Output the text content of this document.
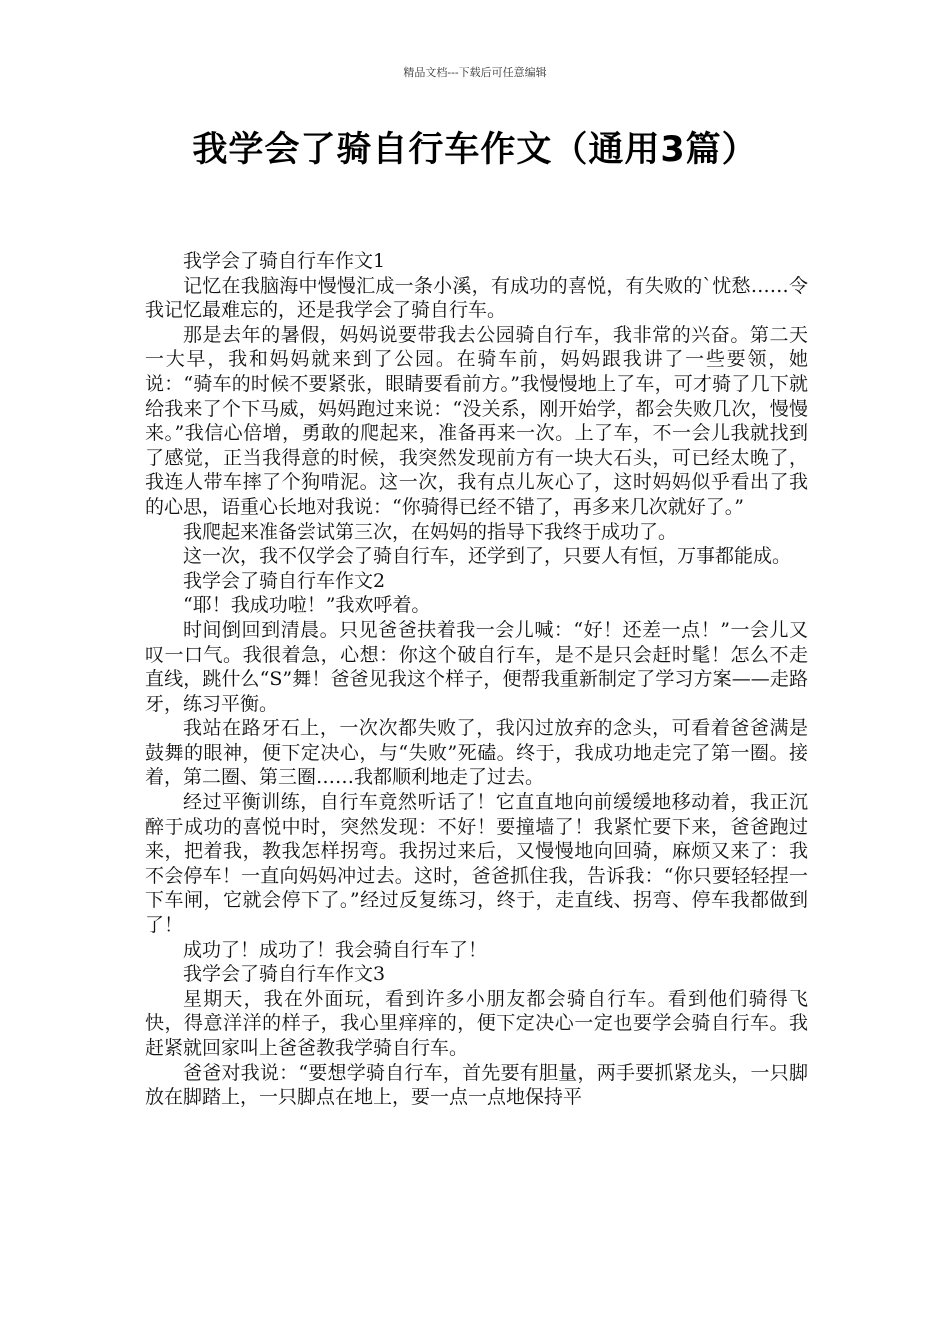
精品文档---下载后可任意编辑
我学会了骑自行车作文（通用3篇）

我学会了骑自行车作文1

记忆在我脑海中慢慢汇成一条小溪，有成功的喜悦，有失败的`忧愁……令我记忆最难忘的，还是我学会了骑自行车。

那是去年的暑假，妈妈说要带我去公园骑自行车，我非常的兴奋。第二天一大早，我和妈妈就来到了公园。在骑车前，妈妈跟我讲了一些要领，她说：“骑车的时候不要紧张，眼睛要看前方。”我慢慢地上了车，可才骑了几下就给我来了个下马威，妈妈跑过来说：“没关系，刚开始学，都会失败几次，慢慢来。”我信心倍增，勇敢的爬起来，准备再来一次。上了车，不一会儿我就找到了感觉，正当我得意的时候，我突然发现前方有一块大石头，可已经太晚了，我连人带车摔了个狗啃泥。这一次，我有点儿灰心了，这时妈妈似乎看出了我的心思，语重心长地对我说：“你骑得已经不错了，再多来几次就好了。”

我爬起来准备尝试第三次，在妈妈的指导下我终于成功了。

这一次，我不仅学会了骑自行车，还学到了，只要人有恒，万事都能成。

我学会了骑自行车作文2

“耶！我成功啦！”我欢呼着。

时间倒回到清晨。只见爸爸扶着我一会儿喊：“好！还差一点！”一会儿又叹一口气。我很着急，心想：你这个破自行车，是不是只会赶时髦！怎么不走直线，跳什么“S”舞！爸爸见我这个样子，便帮我重新制定了学习方案——走路牙，练习平衡。

我站在路牙石上，一次次都失败了，我闪过放弃的念头，可看着爸爸满是鼓舞的眼神，便下定决心，与“失败”死磕。终于，我成功地走完了第一圈。接着，第二圈、第三圈……我都顺利地走了过去。

经过平衡训练，自行车竟然听话了！它直直地向前缓缓地移动着，我正沉醉于成功的喜悦中时，突然发现：不好！要撞墙了！我紧忙要下来，爸爸跑过来，把着我，教我怎样拐弯。我拐过来后，又慢慢地向回骑，麻烦又来了：我不会停车！一直向妈妈冲过去。这时，爸爸抓住我，告诉我：“你只要轻轻捏一下车闸，它就会停下了。”经过反复练习，终于，走直线、拐弯、停车我都做到了！

成功了！成功了！我会骑自行车了！

我学会了骑自行车作文3

星期天，我在外面玩，看到许多小朋友都会骑自行车。看到他们骑得飞快，得意洋洋的样子，我心里痒痒的，便下定决心一定也要学会骑自行车。我赶紧就回家叫上爸爸教我学骑自行车。

爸爸对我说：“要想学骑自行车，首先要有胆量，两手要抓紧龙头，一只脚放在脚踏上，一只脚点在地上，要一点一点地保持平
